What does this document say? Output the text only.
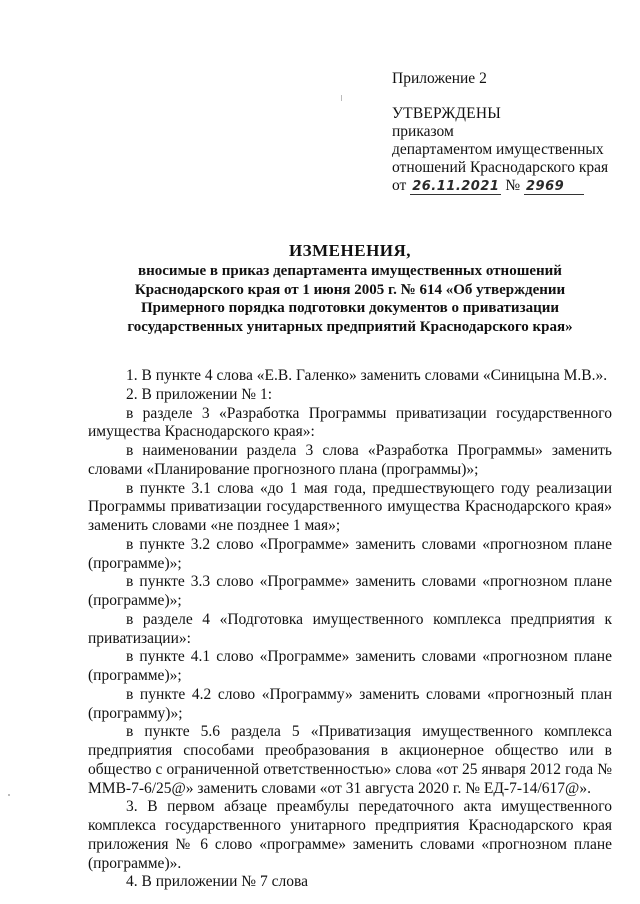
Приложение 2
УТВЕРЖДЕНЫ
приказом
департаментом имущественных
отношений Краснодарского края
от 26.11.2021 № 2969
ИЗМЕНЕНИЯ,
вносимые в приказ департамента имущественных отношений
Краснодарского края от 1 июня 2005 г. № 614 «Об утверждении
Примерного порядка подготовки документов о приватизации
государственных унитарных предприятий Краснодарского края»

1. В пункте 4 слова «Е.В. Галенко» заменить словами «Синицына М.В.».

2. В приложении № 1:

в разделе 3 «Разработка Программы приватизации государственного имущества Краснодарского края»:

в наименовании раздела 3 слова «Разработка Программы» заменить словами «Планирование прогнозного плана (программы)»;

в пункте 3.1 слова «до 1 мая года, предшествующего году реализации Программы приватизации государственного имущества Краснодарского края» заменить словами «не позднее 1 мая»;

в пункте 3.2 слово «Программе» заменить словами «прогнозном плане (программе)»;

в пункте 3.3 слово «Программе» заменить словами «прогнозном плане (программе)»;

в разделе 4 «Подготовка имущественного комплекса предприятия к приватизации»:

в пункте 4.1 слово «Программе» заменить словами «прогнозном плане (программе)»;

в пункте 4.2 слово «Программу» заменить словами «прогнозный план (программу)»;

в пункте 5.6 раздела 5 «Приватизация имущественного комплекса предприятия способами преобразования в акционерное общество или в общество с ограниченной ответственностью» слова «от 25 января 2012 года № ММВ-7-6/25@» заменить словами «от 31 августа 2020 г. № ЕД-7-14/617@».

3. В первом абзаце преамбулы передаточного акта имущественного комплекса государственного унитарного предприятия Краснодарского края приложения № 6 слово «программе» заменить словами «прогнозном плане (программе)».

4. В приложении № 7 слова
